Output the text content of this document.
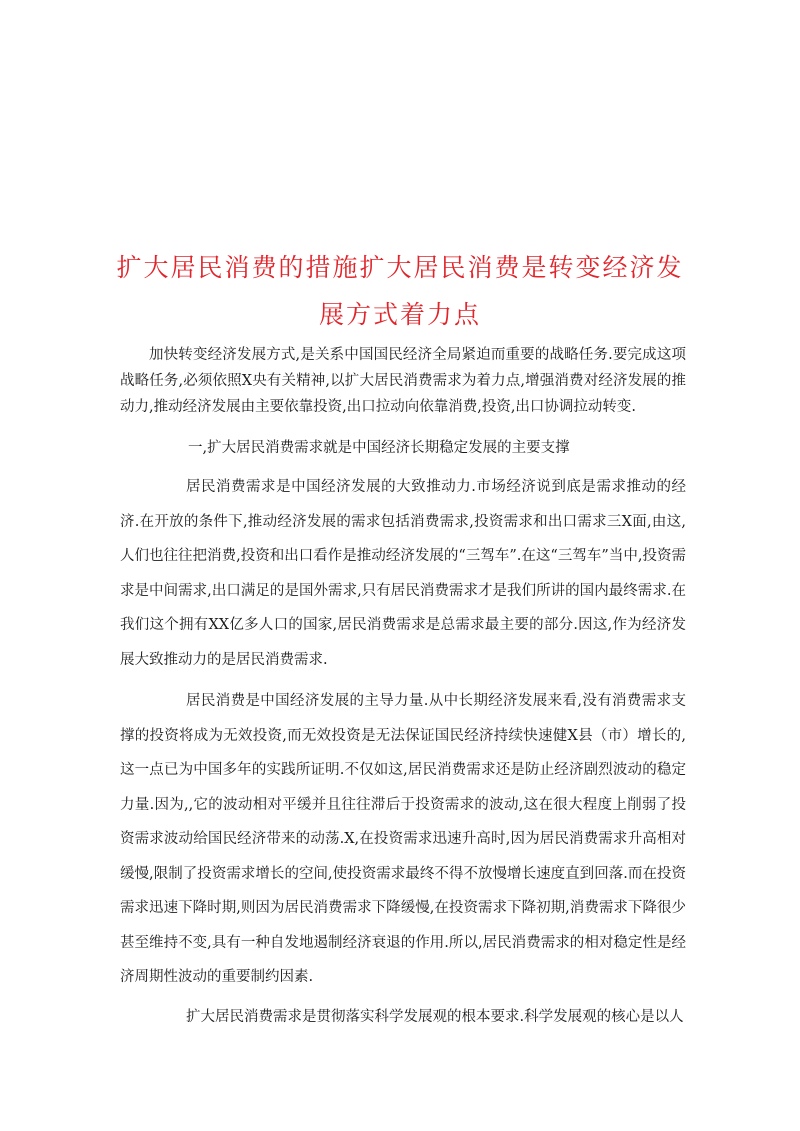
扩大居民消费的措施扩大居民消费是转变经济发展方式着力点

加快转变经济发展方式,是关系中国国民经济全局紧迫而重要的战略任务.要完成这项战略任务,必须依照X央有关精神,以扩大居民消费需求为着力点,增强消费对经济发展的推动力,推动经济发展由主要依靠投资,出口拉动向依靠消费,投资,出口协调拉动转变.

一,扩大居民消费需求就是中国经济长期稳定发展的主要支撑

居民消费需求是中国经济发展的大致推动力.市场经济说到底是需求推动的经济.在开放的条件下,推动经济发展的需求包括消费需求,投资需求和出口需求三X面,由这,人们也往往把消费,投资和出口看作是推动经济发展的“三驾车”.在这“三驾车”当中,投资需求是中间需求,出口满足的是国外需求,只有居民消费需求才是我们所讲的国内最终需求.在我们这个拥有XX亿多人口的国家,居民消费需求是总需求最主要的部分.因这,作为经济发展大致推动力的是居民消费需求.

居民消费是中国经济发展的主导力量.从中长期经济发展来看,没有消费需求支撑的投资将成为无效投资,而无效投资是无法保证国民经济持续快速健X县（市）增长的,这一点已为中国多年的实践所证明.不仅如这,居民消费需求还是防止经济剧烈波动的稳定力量.因为,,它的波动相对平缓并且往往滞后于投资需求的波动,这在很大程度上削弱了投资需求波动给国民经济带来的动荡.X,在投资需求迅速升高时,因为居民消费需求升高相对缓慢,限制了投资需求增长的空间,使投资需求最终不得不放慢增长速度直到回落.而在投资需求迅速下降时期,则因为居民消费需求下降缓慢,在投资需求下降初期,消费需求下降很少甚至维持不变,具有一种自发地遏制经济衰退的作用.所以,居民消费需求的相对稳定性是经济周期性波动的重要制约因素.

扩大居民消费需求是贯彻落实科学发展观的根本要求.科学发展观的核心是以人
